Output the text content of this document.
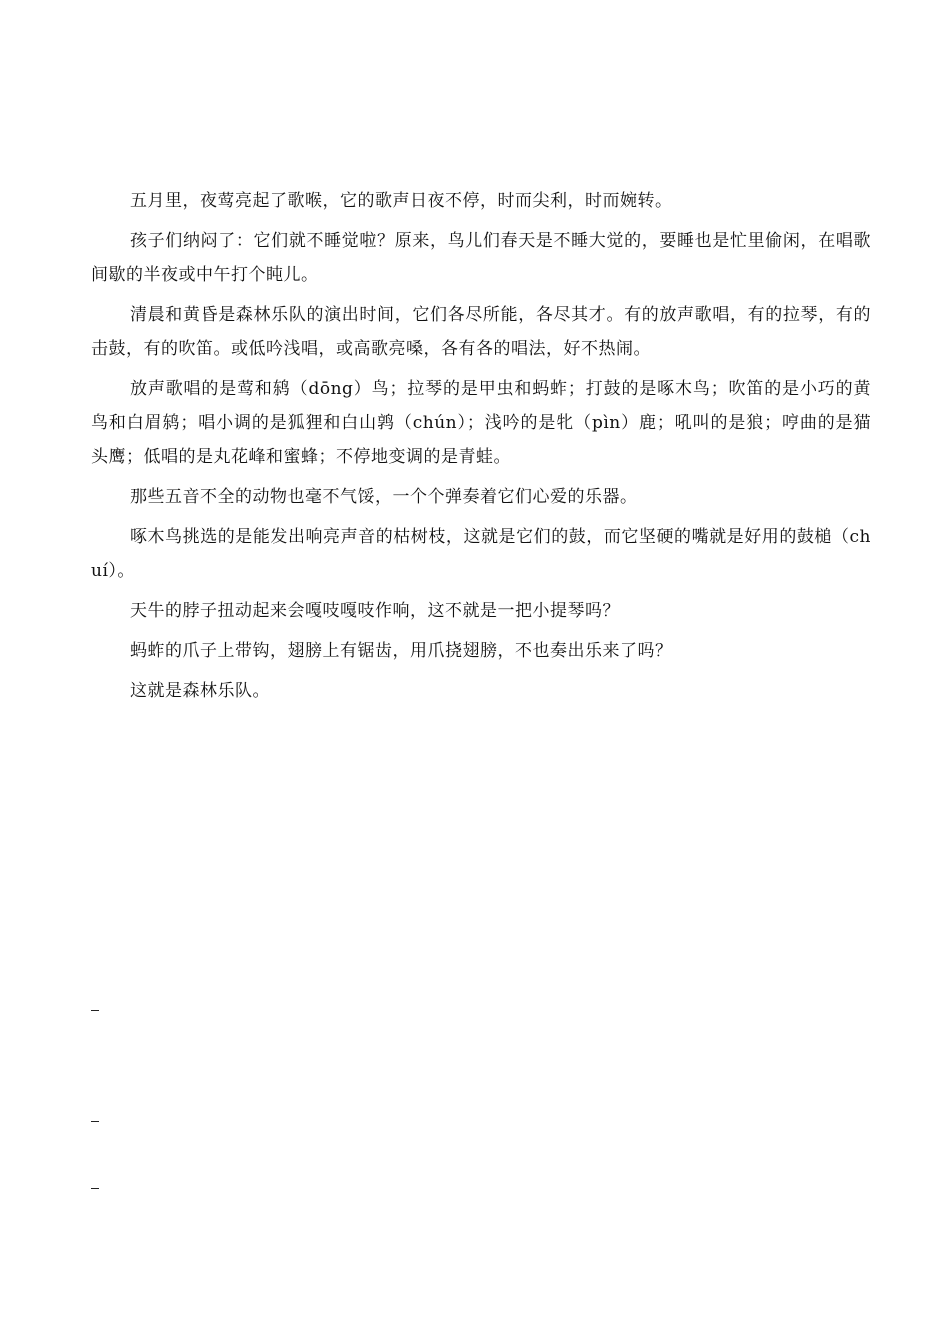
五月里，夜莺亮起了歌喉，它的歌声日夜不停，时而尖利，时而婉转。

孩子们纳闷了：它们就不睡觉啦？原来，鸟儿们春天是不睡大觉的，要睡也是忙里偷闲，在唱歌间歇的半夜或中午打个盹儿。

清晨和黄昏是森林乐队的演出时间，它们各尽所能，各尽其才。有的放声歌唱，有的拉琴，有的击鼓，有的吹笛。或低吟浅唱，或高歌亮嗓，各有各的唱法，好不热闹。

放声歌唱的是莺和鸫（dōng）鸟；拉琴的是甲虫和蚂蚱；打鼓的是啄木鸟；吹笛的是小巧的黄鸟和白眉鸫；唱小调的是狐狸和白山鹑（chún）；浅吟的是牝（pìn）鹿；吼叫的是狼；哼曲的是猫头鹰；低唱的是丸花峰和蜜蜂；不停地变调的是青蛙。

那些五音不全的动物也毫不气馁，一个个弹奏着它们心爱的乐器。

啄木鸟挑选的是能发出响亮声音的枯树枝，这就是它们的鼓，而它坚硬的嘴就是好用的鼓槌（chuí）。

天牛的脖子扭动起来会嘎吱嘎吱作响，这不就是一把小提琴吗？

蚂蚱的爪子上带钩，翅膀上有锯齿，用爪挠翅膀，不也奏出乐来了吗？

这就是森林乐队。
